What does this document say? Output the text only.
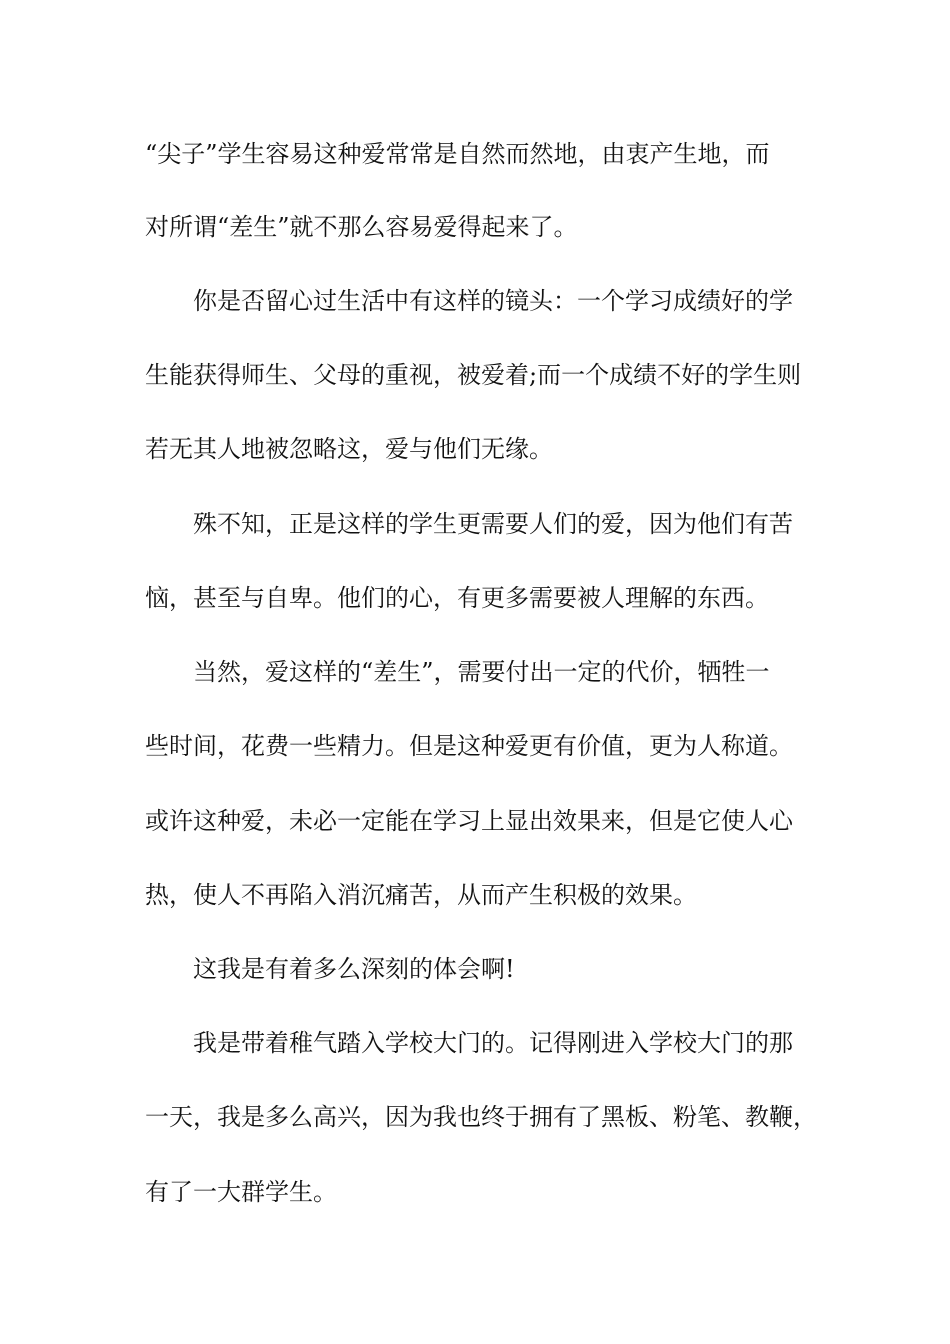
“尖子”学生容易这种爱常常是自然而然地，由衷产生地，而
对所谓“差生”就不那么容易爱得起来了。
你是否留心过生活中有这样的镜头：一个学习成绩好的学
生能获得师生、父母的重视，被爱着;而一个成绩不好的学生则
若无其人地被忽略这，爱与他们无缘。
殊不知，正是这样的学生更需要人们的爱，因为他们有苦
恼，甚至与自卑。他们的心，有更多需要被人理解的东西。
当然，爱这样的“差生”，需要付出一定的代价，牺牲一
些时间，花费一些精力。但是这种爱更有价值，更为人称道。
或许这种爱，未必一定能在学习上显出效果来，但是它使人心
热，使人不再陷入消沉痛苦，从而产生积极的效果。
这我是有着多么深刻的体会啊!
我是带着稚气踏入学校大门的。记得刚进入学校大门的那
一天，我是多么高兴，因为我也终于拥有了黑板、粉笔、教鞭，
有了一大群学生。
